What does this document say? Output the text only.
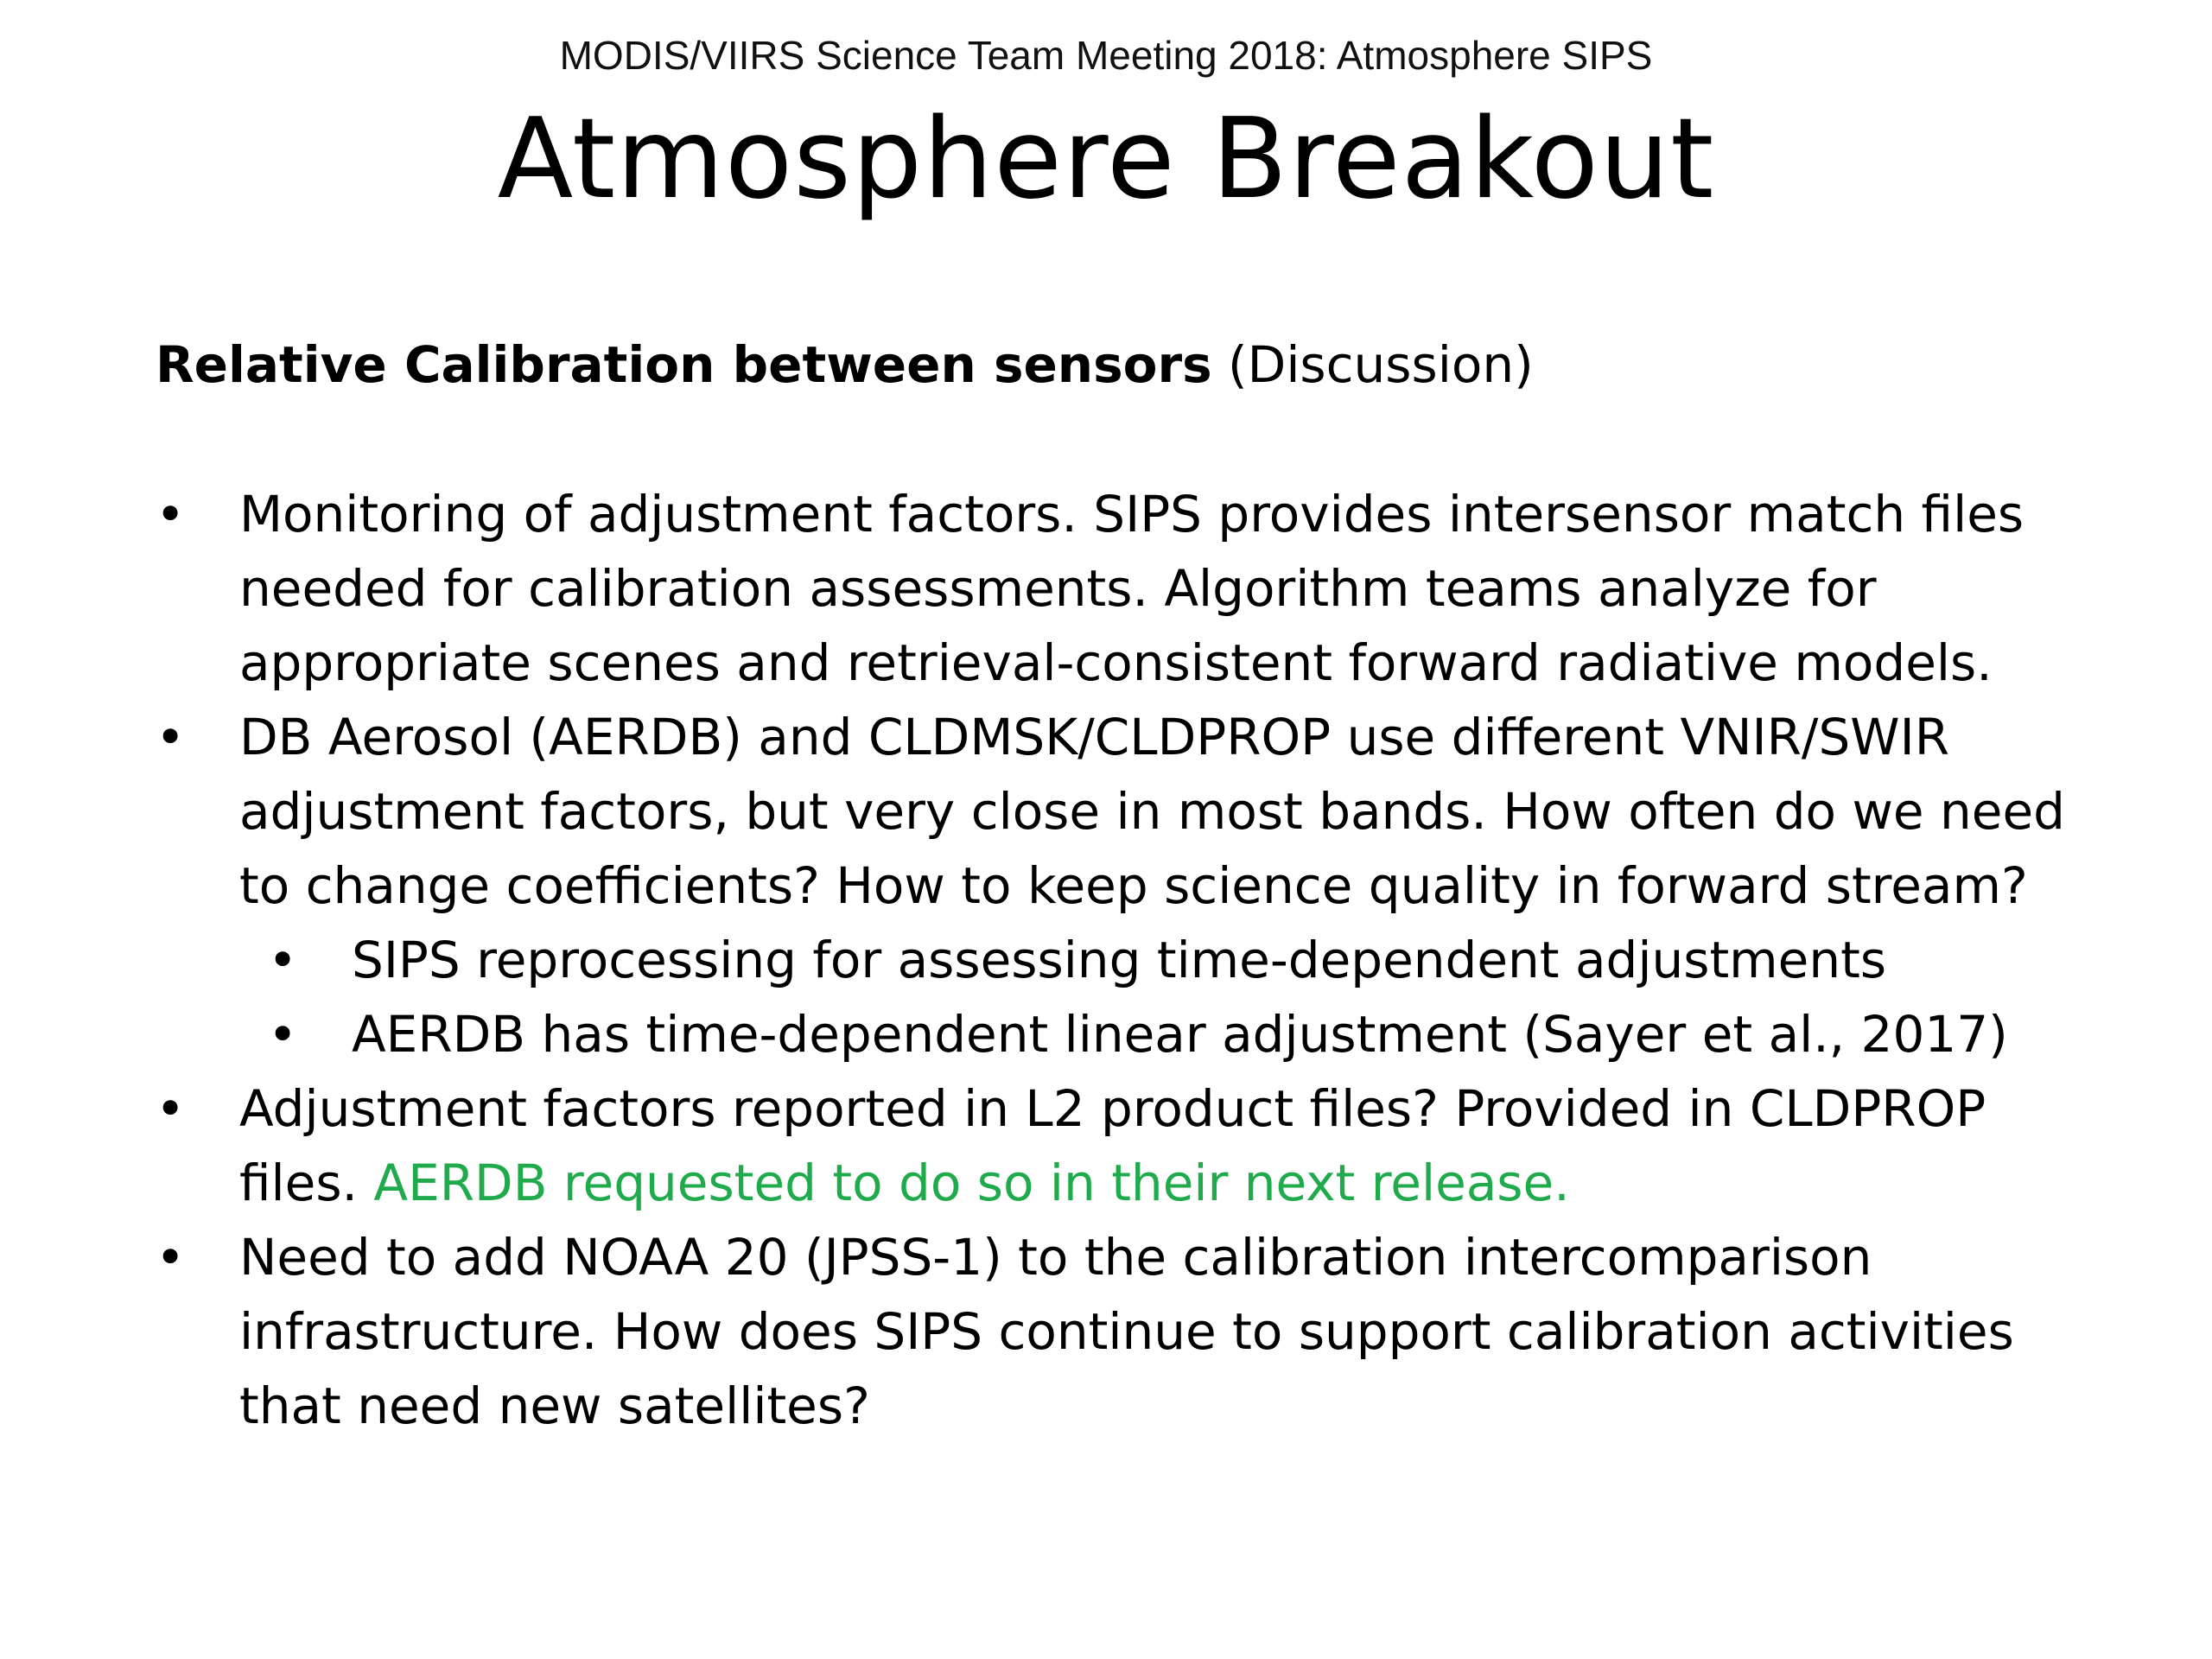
MODIS/VIIRS Science Team Meeting 2018: Atmosphere SIPS
Atmosphere Breakout
Relative Calibration between sensors (Discussion)
• Monitoring of adjustment factors. SIPS provides intersensor match files needed for calibration assessments. Algorithm teams analyze for appropriate scenes and retrieval-consistent forward radiative models.
• DB Aerosol (AERDB) and CLDMSK/CLDPROP use different VNIR/SWIR adjustment factors, but very close in most bands. How often do we need to change coefficients? How to keep science quality in forward stream?
• SIPS reprocessing for assessing time-dependent adjustments
• AERDB has time-dependent linear adjustment (Sayer et al., 2017)
• Adjustment factors reported in L2 product files? Provided in CLDPROP files. AERDB requested to do so in their next release.
• Need to add NOAA 20 (JPSS-1) to the calibration intercomparison infrastructure. How does SIPS continue to support calibration activities that need new satellites?
